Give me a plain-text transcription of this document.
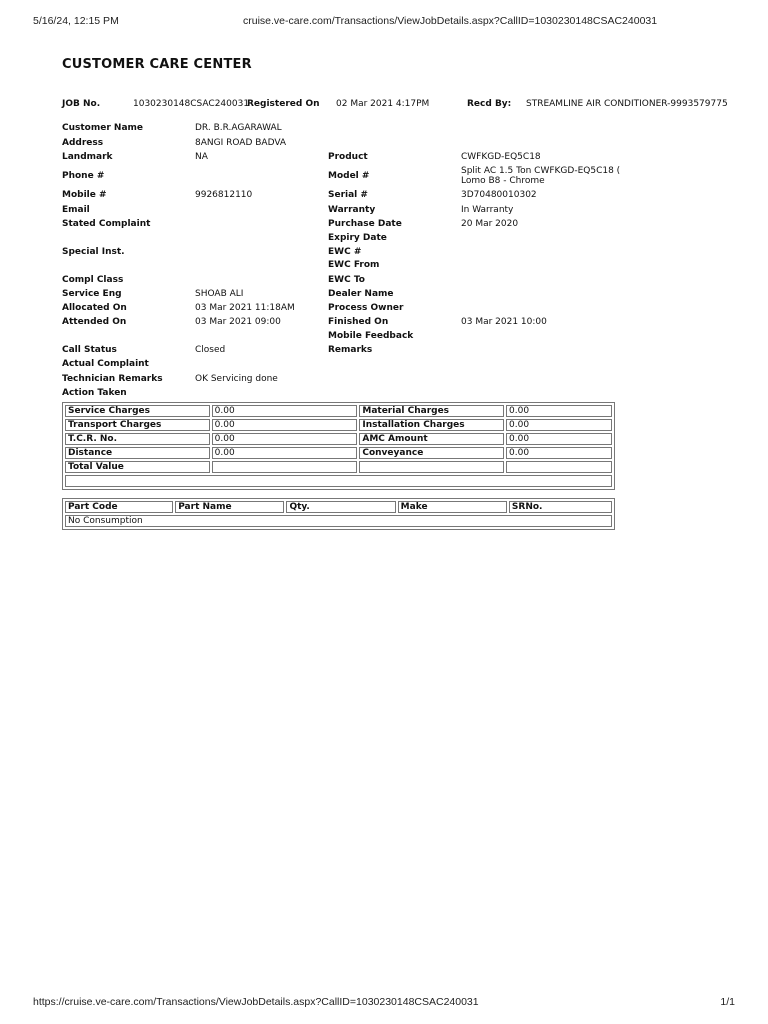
5/16/24, 12:15 PM	cruise.ve-care.com/Transactions/ViewJobDetails.aspx?CallID=1030230148CSAC240031
CUSTOMER CARE CENTER
JOB No.	1030230148CSAC240031
Registered On 02 Mar 2021 4:17PM	Recd By: STREAMLINE AIR CONDITIONER-9993579775
Customer Name	DR. B.R.AGARAWAL
Address	8ANGI ROAD BADVA
Landmark	NA	Product	CWFKGD-EQ5C18
Phone #	Model #	Split AC 1.5 Ton CWFKGD-EQ5C18 (
Lomo B8 - Chrome
Mobile #	9926812110	Serial #	3D70480010302
Email	Warranty	In Warranty
Stated Complaint	Purchase Date	20 Mar 2020
Expiry Date
Special Inst.	EWC #
EWC From
Compl Class	EWC To
Service Eng	SHOAB ALI	Dealer Name
Allocated On	03 Mar 2021 11:18AM	Process Owner
Attended On	03 Mar 2021 09:00	Finished On	03 Mar 2021 10:00
Mobile Feedback
Call Status	Closed	Remarks
Actual Complaint
Technician Remarks	OK Servicing done
Action Taken
Service Charges	0.00	Material Charges	0.00
Transport Charges	0.00	Installation Charges	0.00
T.C.R. No.	0.00	AMC Amount	0.00
Distance	0.00	Conveyance	0.00
Total Value			

Part Code	Part Name	Qty.	Make	SRNo.
No Consumption
https://cruise.ve-care.com/Transactions/ViewJobDetails.aspx?CallID=1030230148CSAC240031	1/1
